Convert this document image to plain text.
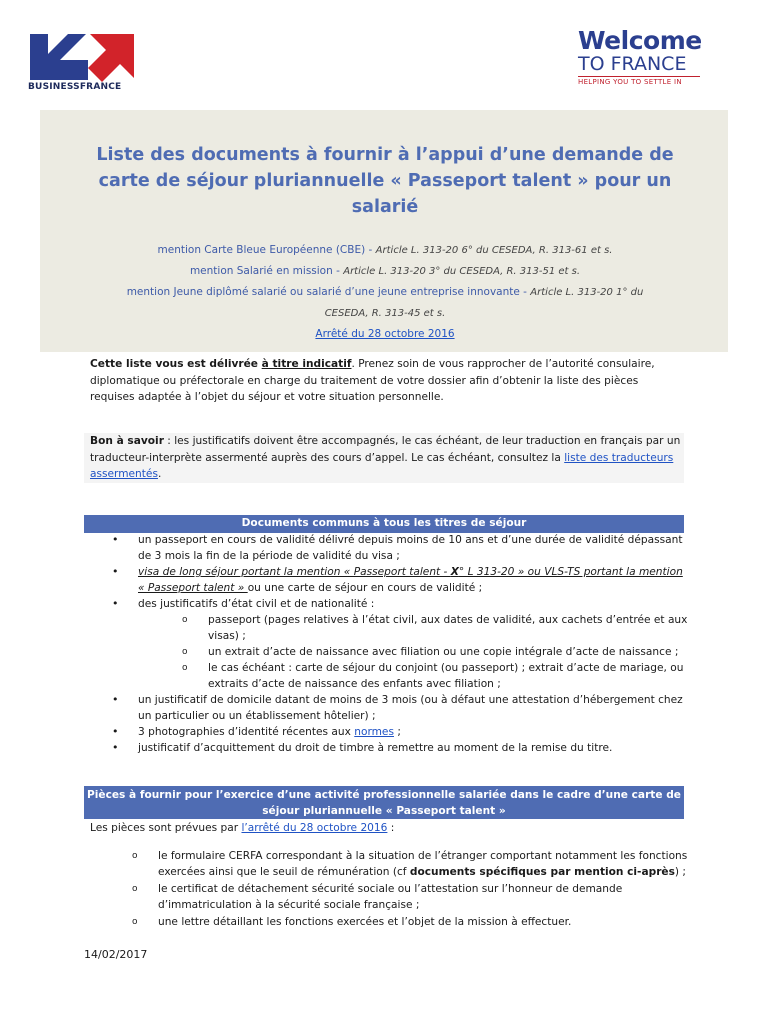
BUSINESSFRANCE
Welcome
TO FRANCE
HELPING YOU TO SETTLE IN
Liste des documents à fournir à l’appui d’une demande de
carte de séjour pluriannuelle « Passeport talent » pour un
salarié
mention Carte Bleue Européenne (CBE) - Article L. 313-20 6° du CESEDA, R. 313-61 et s.
mention Salarié en mission - Article L. 313-20 3° du CESEDA, R. 313-51 et s.
mention Jeune diplômé salarié ou salarié d’une jeune entreprise innovante - Article L. 313-20 1° du
CESEDA, R. 313-45 et s.
Arrêté du 28 octobre 2016
Cette liste vous est délivrée à titre indicatif. Prenez soin de vous rapprocher de l’autorité consulaire, diplomatique ou préfectorale en charge du traitement de votre dossier afin d’obtenir la liste des pièces requises adaptée à l’objet du séjour et votre situation personnelle.
Bon à savoir : les justificatifs doivent être accompagnés, le cas échéant, de leur traduction en français par un traducteur-interprète assermenté auprès des cours d’appel. Le cas échéant, consultez la liste des traducteurs assermentés.
Documents communs à tous les titres de séjour
• un passeport en cours de validité délivré depuis moins de 10 ans et d’une durée de validité dépassant de 3 mois la fin de la période de validité du visa ;
• visa de long séjour portant la mention « Passeport talent - X° L 313-20 » ou VLS-TS portant la mention « Passeport talent » ou une carte de séjour en cours de validité ;
• des justificatifs d’état civil et de nationalité :
o passeport (pages relatives à l’état civil, aux dates de validité, aux cachets d’entrée et aux visas) ;
o un extrait d’acte de naissance avec filiation ou une copie intégrale d’acte de naissance ;
o le cas échéant : carte de séjour du conjoint (ou passeport) ; extrait d’acte de mariage, ou extraits d’acte de naissance des enfants avec filiation ;
• un justificatif de domicile datant de moins de 3 mois (ou à défaut une attestation d’hébergement chez un particulier ou un établissement hôtelier) ;
• 3 photographies d’identité récentes aux normes ;
• justificatif d’acquittement du droit de timbre à remettre au moment de la remise du titre.
Pièces à fournir pour l’exercice d’une activité professionnelle salariée dans le cadre d’une carte de séjour pluriannuelle « Passeport talent »
Les pièces sont prévues par l’arrêté du 28 octobre 2016 :
o le formulaire CERFA correspondant à la situation de l’étranger comportant notamment les fonctions exercées ainsi que le seuil de rémunération (cf documents spécifiques par mention ci-après) ;
o le certificat de détachement sécurité sociale ou l’attestation sur l’honneur de demande d’immatriculation à la sécurité sociale française ;
o une lettre détaillant les fonctions exercées et l’objet de la mission à effectuer.
14/02/2017
